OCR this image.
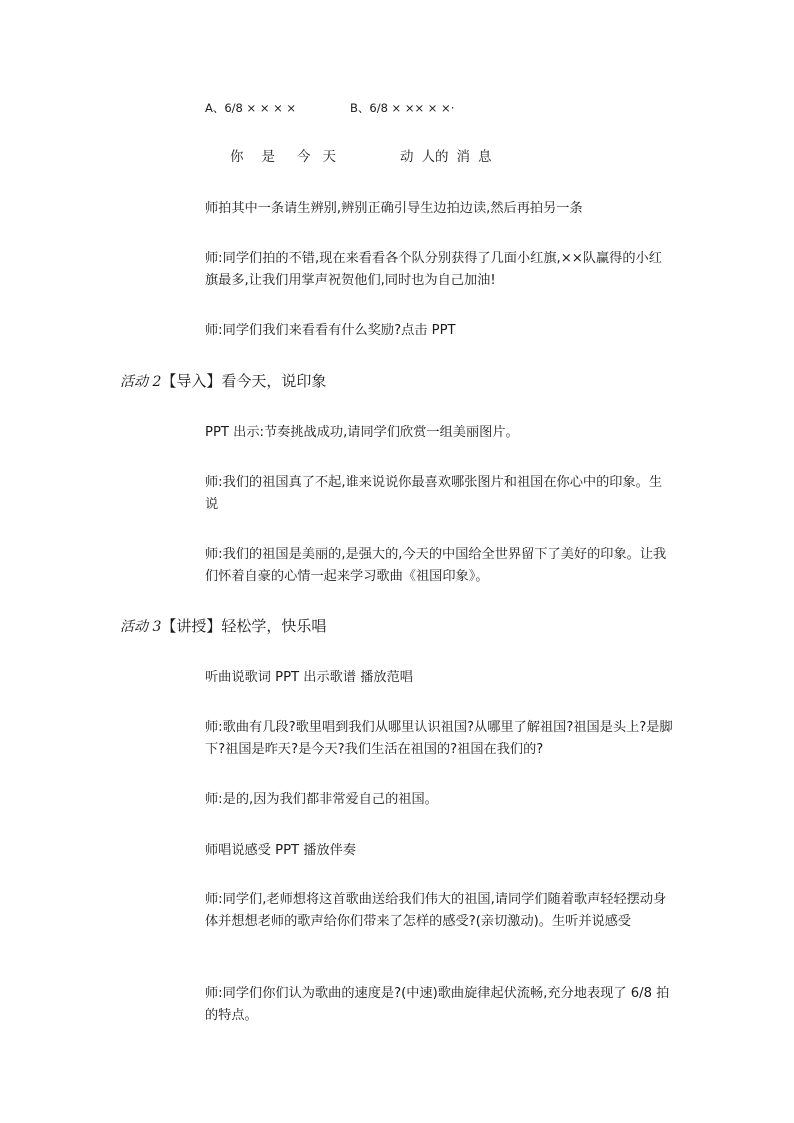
A、6/8 × × × ×	B、6/8 × ×× × ×·
你 是 今 天	动 人的 消 息
师拍其中一条请生辨别,辨别正确引导生边拍边读,然后再拍另一条
师:同学们拍的不错,现在来看看各个队分别获得了几面小红旗,××队赢得的小红旗最多,让我们用掌声祝贺他们,同时也为自己加油!
师:同学们我们来看看有什么奖励?点击 PPT
活动 2【导入】看今天，说印象
PPT 出示:节奏挑战成功,请同学们欣赏一组美丽图片。
师:我们的祖国真了不起,谁来说说你最喜欢哪张图片和祖国在你心中的印象。生说
师:我们的祖国是美丽的,是强大的,今天的中国给全世界留下了美好的印象。让我们怀着自豪的心情一起来学习歌曲《祖国印象》。
活动 3【讲授】轻松学，快乐唱
听曲说歌词 PPT 出示歌谱 播放范唱
师:歌曲有几段?歌里唱到我们从哪里认识祖国?从哪里了解祖国?祖国是头上?是脚下?祖国是昨天?是今天?我们生活在祖国的?祖国在我们的?
师:是的,因为我们都非常爱自己的祖国。
师唱说感受 PPT 播放伴奏
师:同学们,老师想将这首歌曲送给我们伟大的祖国,请同学们随着歌声轻轻摆动身体并想想老师的歌声给你们带来了怎样的感受?(亲切激动)。生听并说感受
师:同学们你们认为歌曲的速度是?(中速)歌曲旋律起伏流畅,充分地表现了 6/8 拍的特点。
